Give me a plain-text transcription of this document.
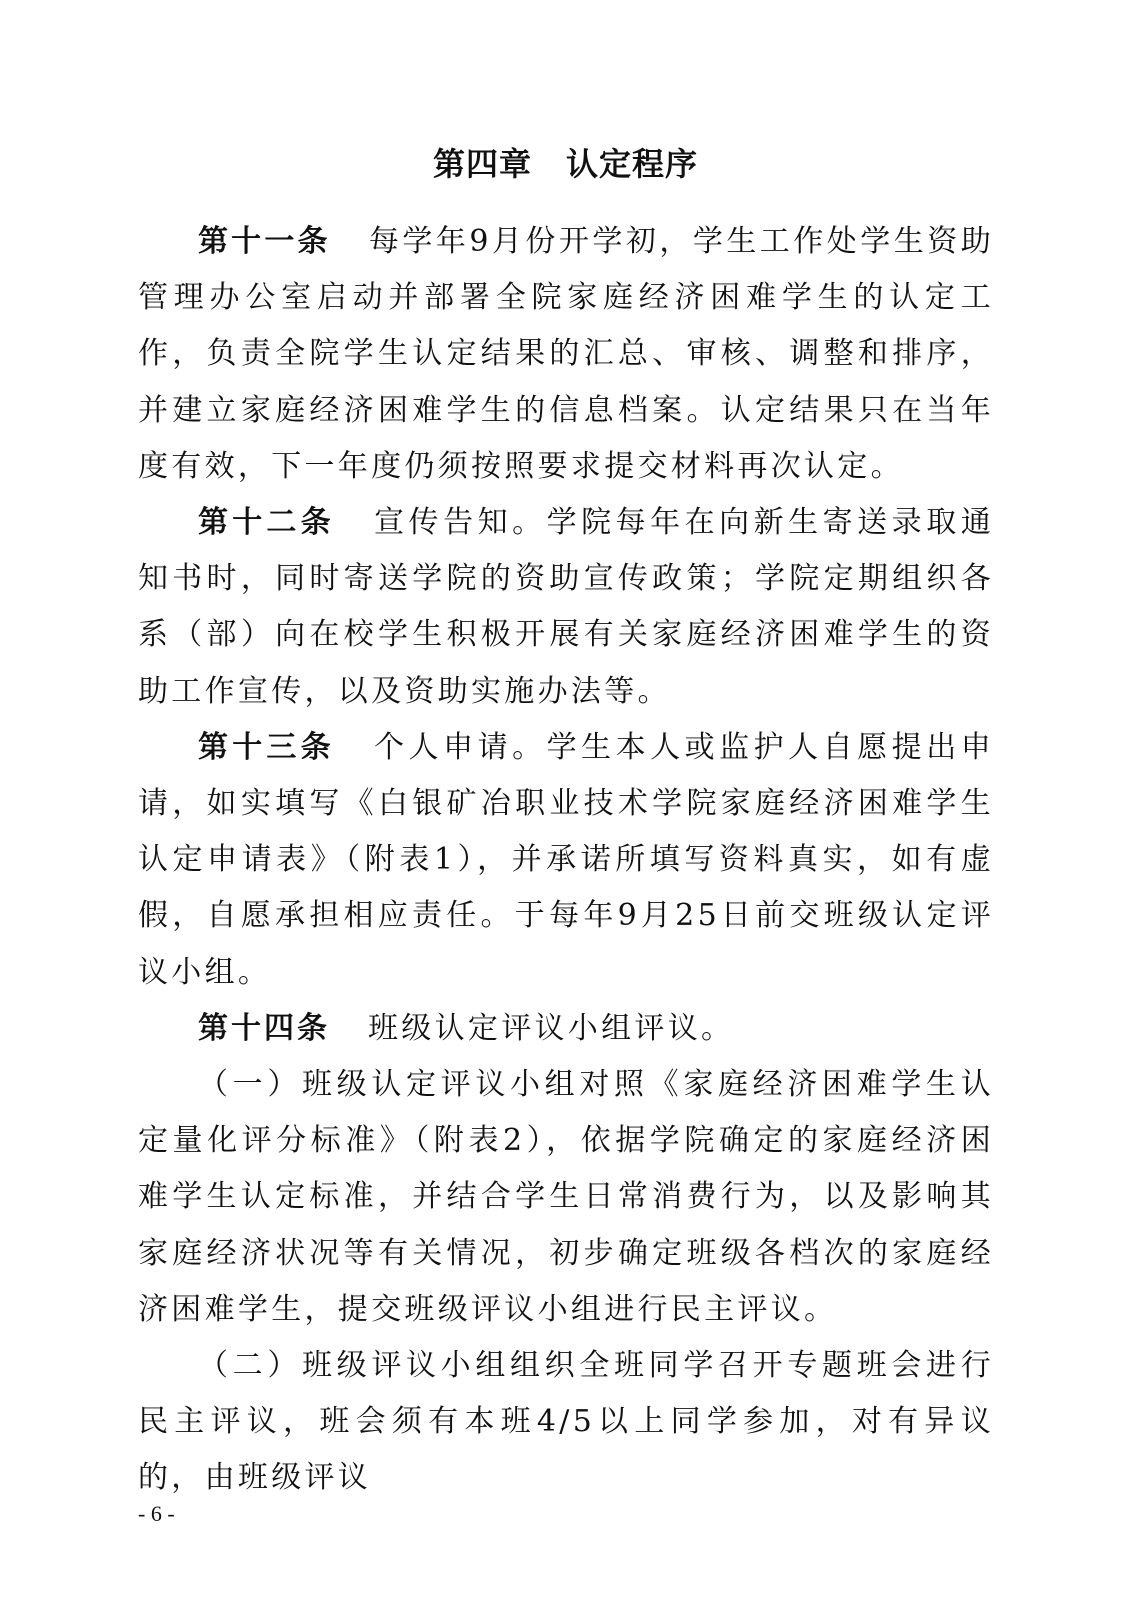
第四章 认定程序

第十一条 每学年9月份开学初，学生工作处学生资助管理办公室启动并部署全院家庭经济困难学生的认定工作，负责全院学生认定结果的汇总、审核、调整和排序，并建立家庭经济困难学生的信息档案。认定结果只在当年度有效，下一年度仍须按照要求提交材料再次认定。

第十二条 宣传告知。学院每年在向新生寄送录取通知书时，同时寄送学院的资助宣传政策；学院定期组织各系（部）向在校学生积极开展有关家庭经济困难学生的资助工作宣传，以及资助实施办法等。

第十三条 个人申请。学生本人或监护人自愿提出申请，如实填写《白银矿冶职业技术学院家庭经济困难学生认定申请表》（附表1），并承诺所填写资料真实，如有虚假，自愿承担相应责任。于每年9月25日前交班级认定评议小组。

第十四条 班级认定评议小组评议。

（一）班级认定评议小组对照《家庭经济困难学生认定量化评分标准》（附表2），依据学院确定的家庭经济困难学生认定标准，并结合学生日常消费行为，以及影响其家庭经济状况等有关情况，初步确定班级各档次的家庭经济困难学生，提交班级评议小组进行民主评议。

（二）班级评议小组组织全班同学召开专题班会进行民主评议，班会须有本班4/5以上同学参加，对有异议的，由班级评议

- 6 -
